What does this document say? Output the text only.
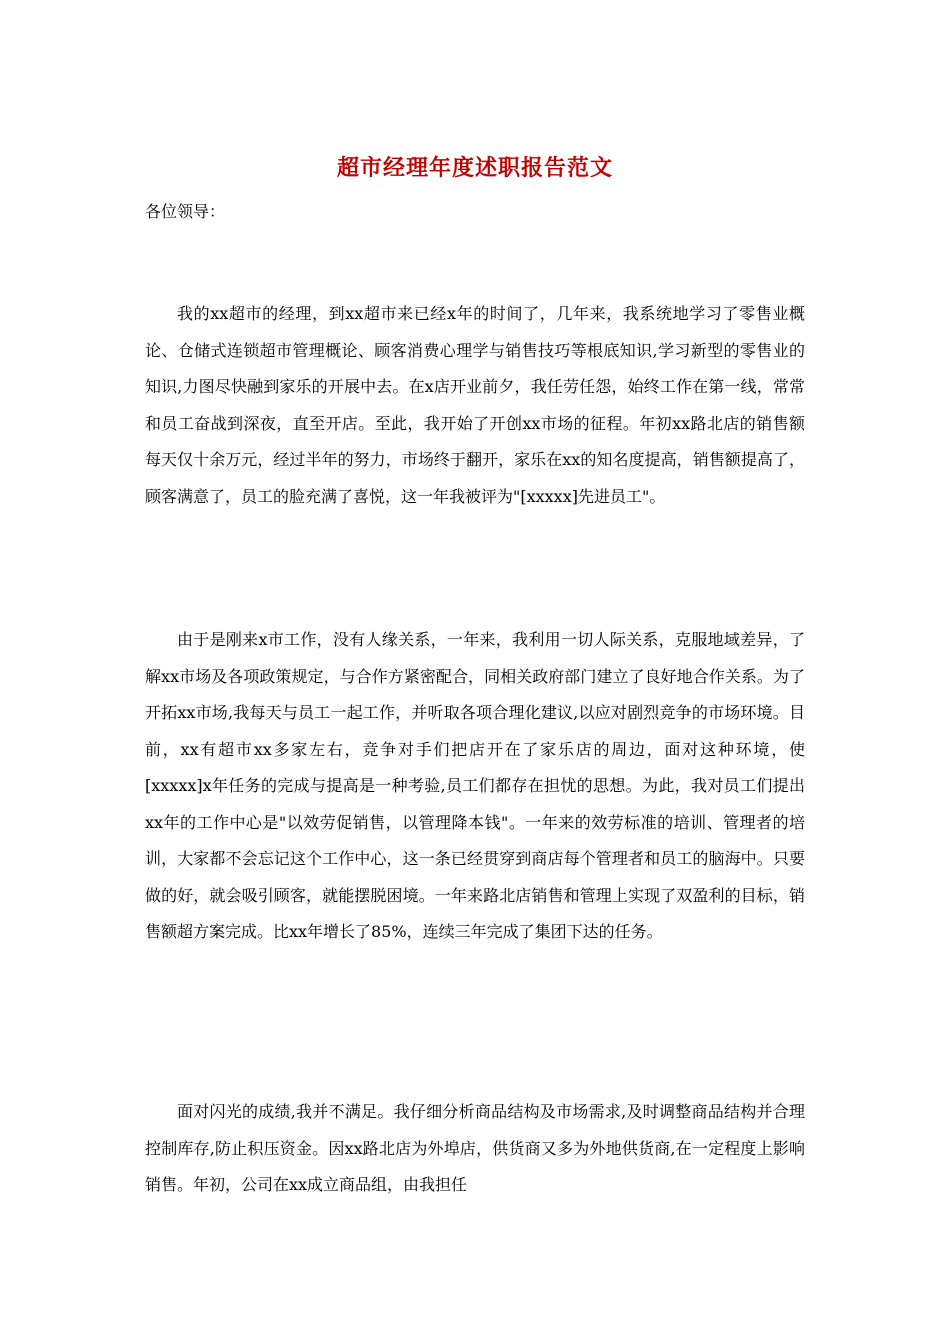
超市经理年度述职报告范文
各位领导：

我的xx超市的经理，到xx超市来已经x年的时间了，几年来，我系统地学习了零售业概论、仓储式连锁超市管理概论、顾客消费心理学与销售技巧等根底知识,学习新型的零售业的知识,力图尽快融到家乐的开展中去。在x店开业前夕，我任劳任怨，始终工作在第一线，常常和员工奋战到深夜，直至开店。至此，我开始了开创xx市场的征程。年初xx路北店的销售额每天仅十余万元，经过半年的努力，市场终于翻开，家乐在xx的知名度提高，销售额提高了，顾客满意了，员工的脸充满了喜悦，这一年我被评为"[xxxxx]先进员工"。

由于是刚来x市工作，没有人缘关系，一年来，我利用一切人际关系，克服地域差异，了解xx市场及各项政策规定，与合作方紧密配合，同相关政府部门建立了良好地合作关系。为了开拓xx市场,我每天与员工一起工作，并听取各项合理化建议,以应对剧烈竞争的市场环境。目前，xx有超市xx多家左右，竞争对手们把店开在了家乐店的周边，面对这种环境，使[xxxxx]x年任务的完成与提高是一种考验,员工们都存在担忧的思想。为此，我对员工们提出xx年的工作中心是"以效劳促销售，以管理降本钱"。一年来的效劳标准的培训、管理者的培训，大家都不会忘记这个工作中心，这一条已经贯穿到商店每个管理者和员工的脑海中。只要做的好，就会吸引顾客，就能摆脱困境。一年来路北店销售和管理上实现了双盈利的目标，销售额超方案完成。比xx年增长了85%，连续三年完成了集团下达的任务。

面对闪光的成绩,我并不满足。我仔细分析商品结构及市场需求,及时调整商品结构并合理控制库存,防止积压资金。因xx路北店为外埠店，供货商又多为外地供货商,在一定程度上影响销售。年初，公司在xx成立商品组，由我担任
